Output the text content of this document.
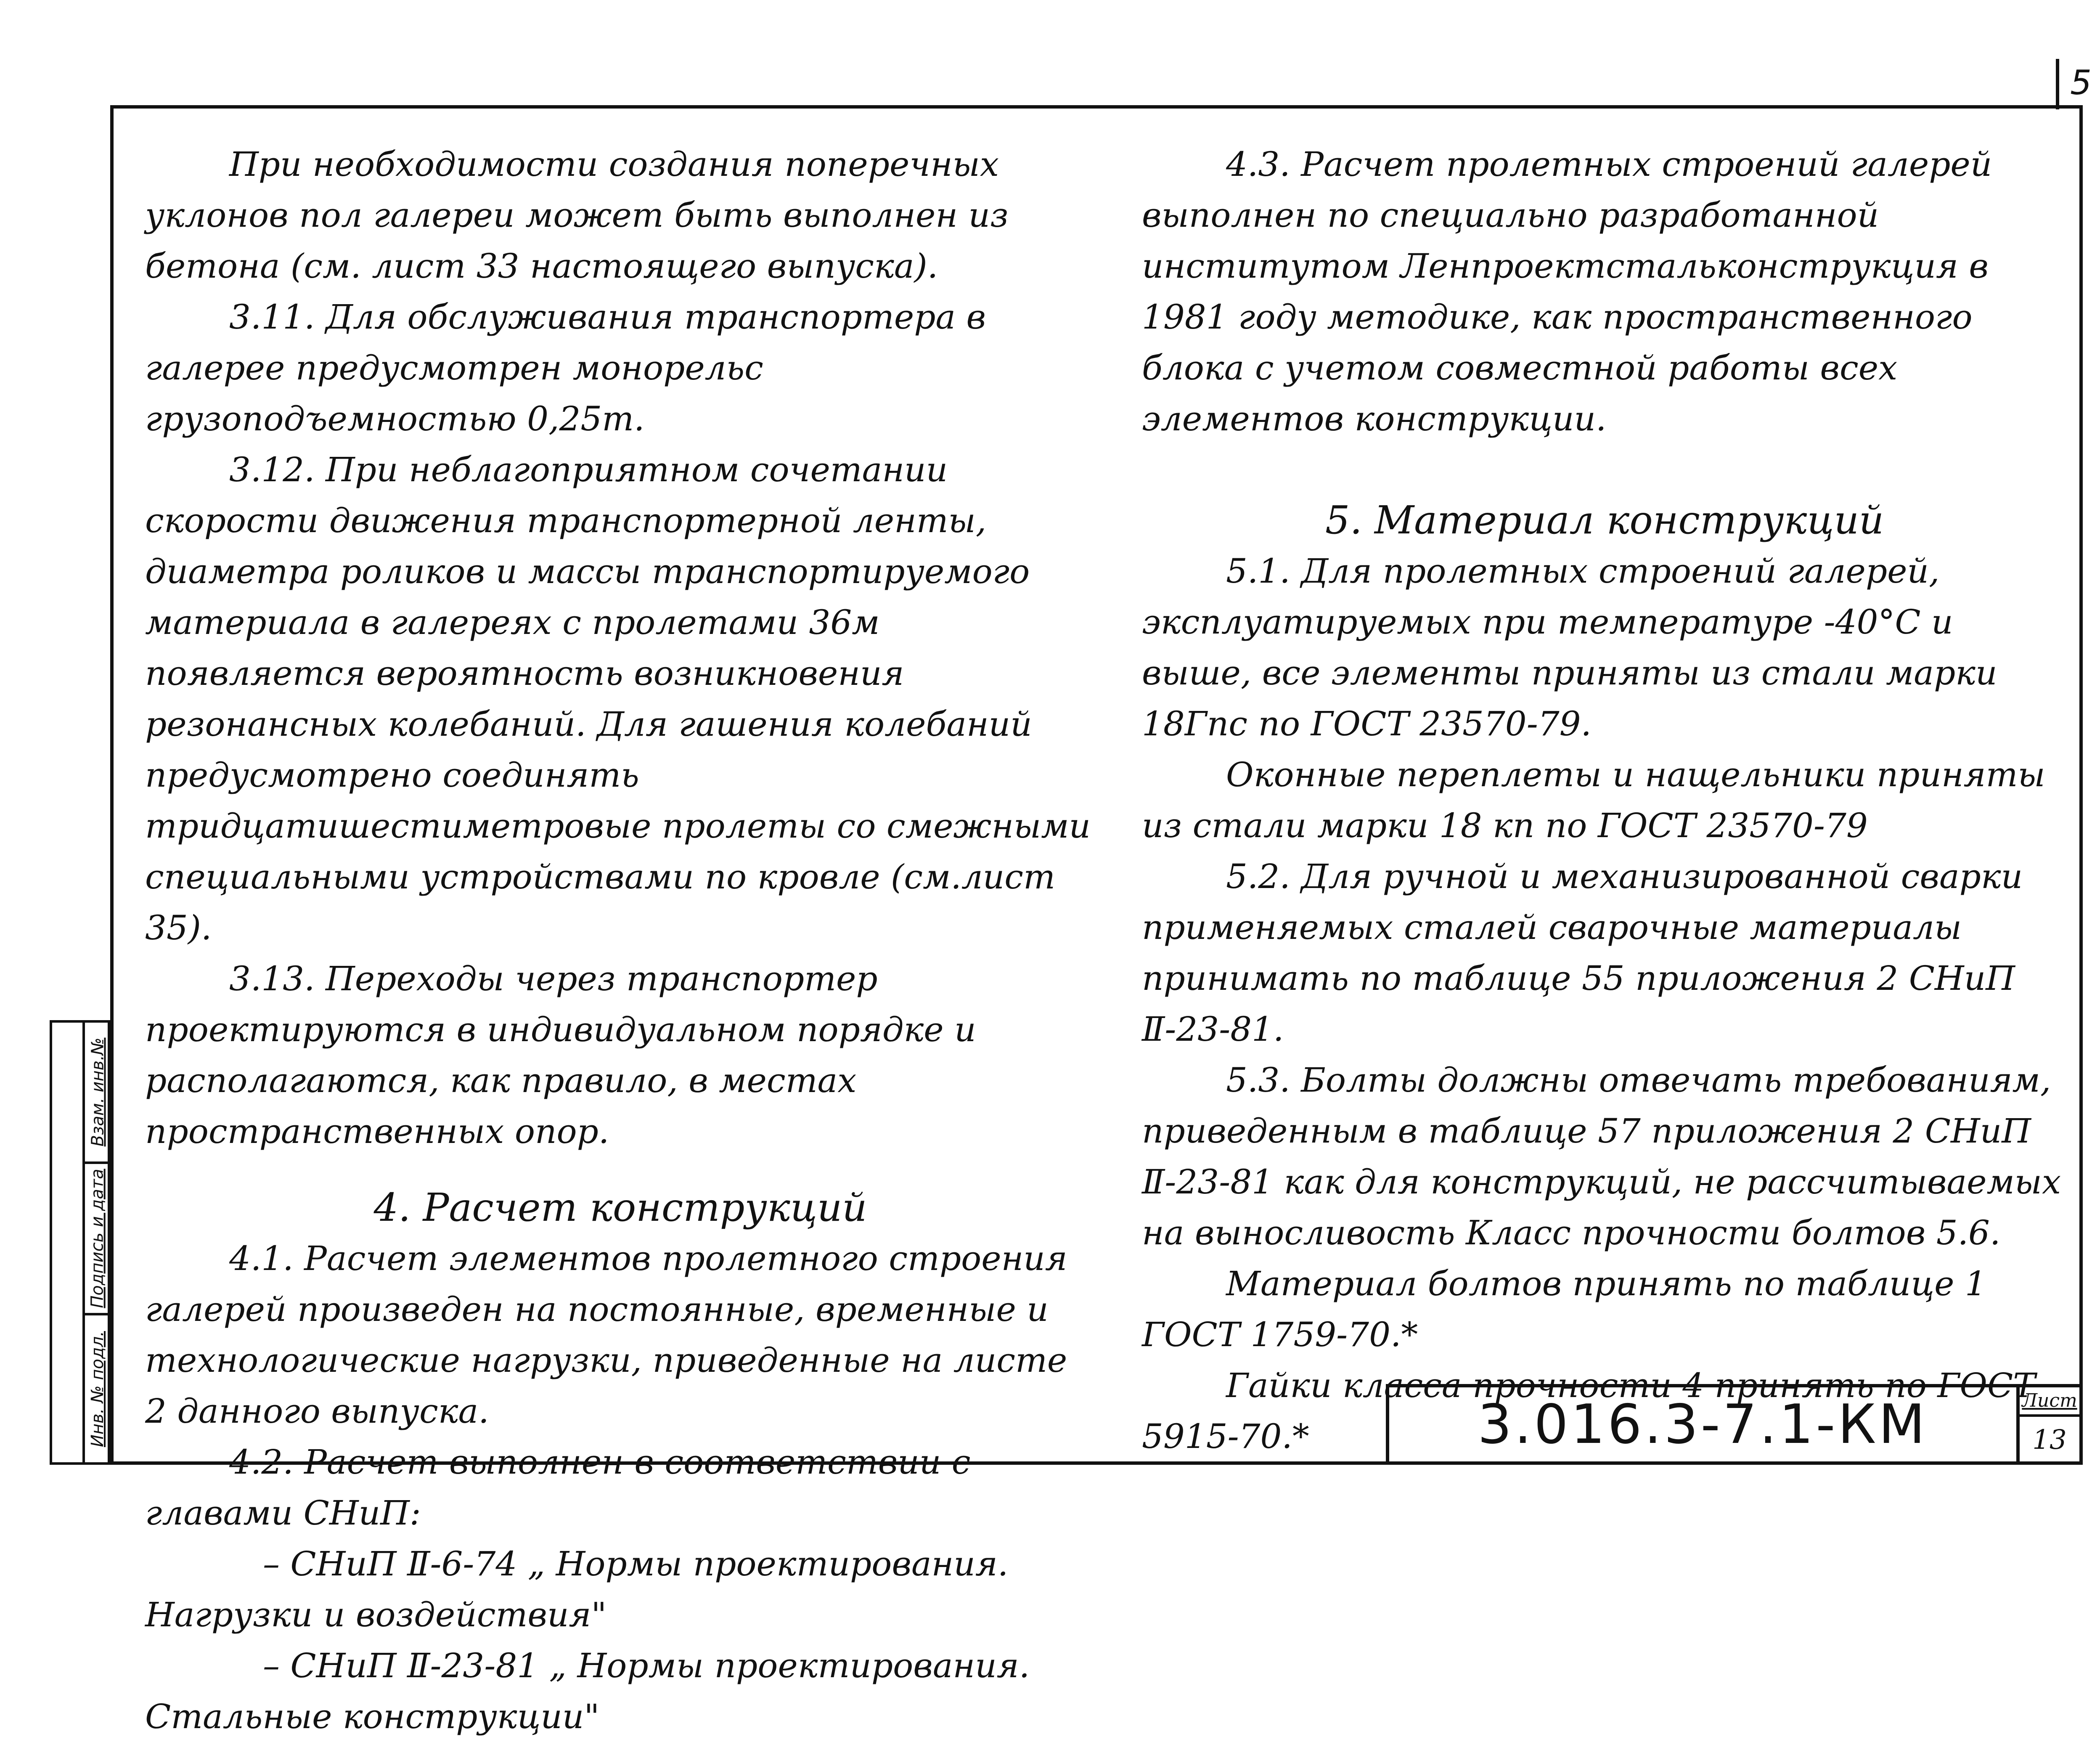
5
Взам. инв.№
Подпись и дата
Инв. № подл.

При необходимости создания поперечных уклонов пол галереи может быть выполнен из бетона (см. лист 33 настоящего выпуска).

3.11. Для обслуживания транспортера в галерее предусмотрен монорельс грузоподъемностью 0,25т.

3.12. При неблагоприятном сочетании скорости движения транспортерной ленты, диаметра роликов и массы транспортируемого материала в галереях с пролетами 36м появляется вероятность возникновения резонансных колебаний. Для гашения колебаний предусмотрено соединять тридцатишестиметровые пролеты со смежными специальными устройствами по кровле (см.лист 35).

3.13. Переходы через транспортер проектируются в индивидуальном порядке и располагаются, как правило, в местах пространственных опор.

4. Расчет конструкций

4.1. Расчет элементов пролетного строения галерей произведен на постоянные, временные и технологические нагрузки, приведенные на листе 2 данного выпуска.

4.2. Расчет выполнен в соответствии с главами СНиП:

– СНиП Ⅱ-6-74 „ Нормы проектирования. Нагрузки и воздействия"

– СНиП Ⅱ-23-81 „ Нормы проектирования. Стальные конструкции"

4.3. Расчет пролетных строений галерей выполнен по специально разработанной институтом Ленпроектстальконструкция в 1981 году методике, как пространственного блока с учетом совместной работы всех элементов конструкции.

5. Материал конструкций

5.1. Для пролетных строений галерей, эксплуатируемых при температуре -40°С и выше, все элементы приняты из стали марки 18Гпс по ГОСТ 23570-79.

Оконные переплеты и нащельники приняты из стали марки 18 кп по ГОСТ 23570-79

5.2. Для ручной и механизированной сварки применяемых сталей сварочные материалы принимать по таблице 55 приложения 2 СНиП Ⅱ-23-81.

5.3. Болты должны отвечать требованиям, приведенным в таблице 57 приложения 2 СНиП Ⅱ-23-81 как для конструкций, не рассчитываемых на выносливость Класс прочности болтов 5.6.

Материал болтов принять по таблице 1 ГОСТ 1759-70.*

Гайки класса прочности 4 принять по ГОСТ 5915-70.*	3.016.3-7.1-КМ	Лист
13
